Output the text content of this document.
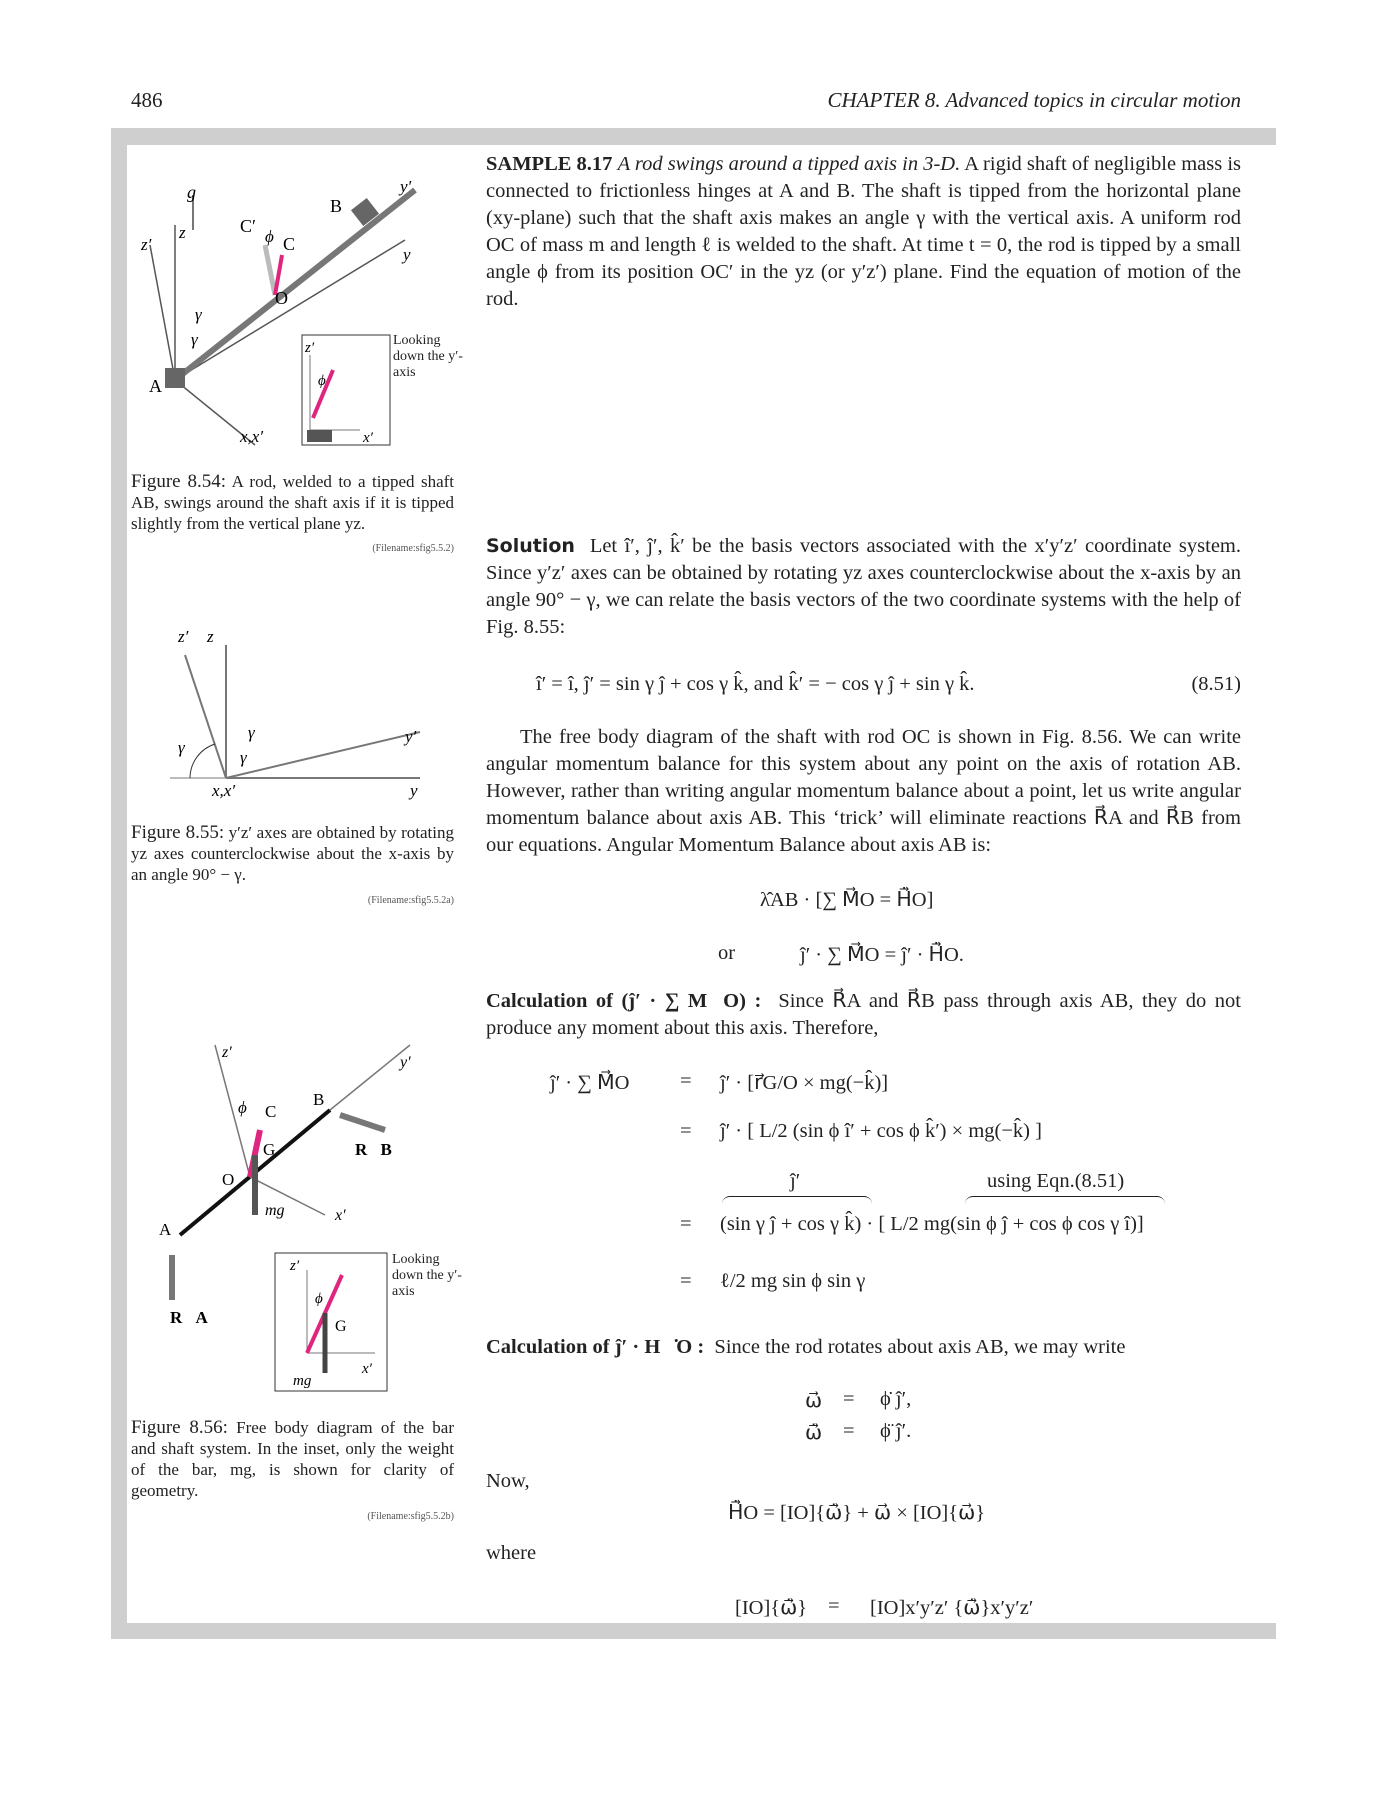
486	CHAPTER 8. Advanced topics in circular motion
g
z
z′
B
y′
y
C′
ϕ C
O
γ
γ
A
x,x′
z′
ϕ
x′
Looking down the y′-axis
Figure 8.54: A rod, welded to a tipped shaft AB, swings around the shaft axis if it is tipped slightly from the vertical plane yz.
(Filename:sfig5.5.2)
z′ z
γ
γ
γ
y′
y
x,x′
Figure 8.55: y′z′ axes are obtained by rotating yz axes counterclockwise about the x-axis by an angle 90° − γ.
(Filename:sfig5.5.2a)
z′
y′
ϕ C
B
G
O
R⃗B
mg	x′
A
R⃗A
z′
ϕ
G
x′
mg
Looking down the y′-axis
Figure 8.56: Free body diagram of the bar and shaft system. In the inset, only the weight of the bar, mg, is shown for clarity of geometry.
(Filename:sfig5.5.2b)
SAMPLE 8.17 A rod swings around a tipped axis in 3-D. A rigid shaft of negligible mass is connected to frictionless hinges at A and B. The shaft is tipped from the horizontal plane (xy-plane) such that the shaft axis makes an angle γ with the vertical axis. A uniform rod OC of mass m and length ℓ is welded to the shaft. At time t = 0, the rod is tipped by a small angle ϕ from its position OC′ in the yz (or y′z′) plane. Find the equation of motion of the rod.
Solution Let î′, ĵ′, k̂′ be the basis vectors associated with the x′y′z′ coordinate system. Since y′z′ axes can be obtained by rotating yz axes counterclockwise about the x-axis by an angle 90° − γ, we can relate the basis vectors of the two coordinate systems with the help of Fig. 8.55:
î′ = î, ĵ′ = sin γ ĵ + cos γ k̂, and k̂′ = − cos γ ĵ + sin γ k̂.	(8.51)
The free body diagram of the shaft with rod OC is shown in Fig. 8.56. We can write angular momentum balance for this system about any point on the axis of rotation AB. However, rather than writing angular momentum balance about a point, let us write angular momentum balance about axis AB. This ‘trick’ will eliminate reactions R⃗A and R⃗B from our equations. Angular Momentum Balance about axis AB is:
λ̂AB · [∑ M⃗O = H⃗̇O]
or	ĵ′ · ∑ M⃗O = ĵ′ · H⃗̇O.
Calculation of (ĵ′ · ∑ M⃗O) : Since R⃗A and R⃗B pass through axis AB, they do not produce any moment about this axis. Therefore,
ĵ′ · ∑ M⃗O = ĵ′ · [r⃗G/O × mg(−k̂)]
= ĵ′ · [ L/2 (sin ϕ î′ + cos ϕ k̂′) × mg(−k̂) ]
ĵ′	using Eqn.(8.51)
= (sin γ ĵ + cos γ k̂) · [ L/2 mg(sin ϕ ĵ + cos ϕ cos γ î)]
= ℓ/2 mg sin ϕ sin γ
Calculation of ĵ′ · H⃗̇O : Since the rod rotates about axis AB, we may write
ω⃗ = ϕ̇ ĵ′,
ω⃗̇ = ϕ̈ ĵ′.
Now,
H⃗̇O = [IO]{ω⃗̇} + ω⃗ × [IO]{ω⃗}
where
[IO]{ω⃗̇} = [IO]x′y′z′ {ω⃗̇}x′y′z′
